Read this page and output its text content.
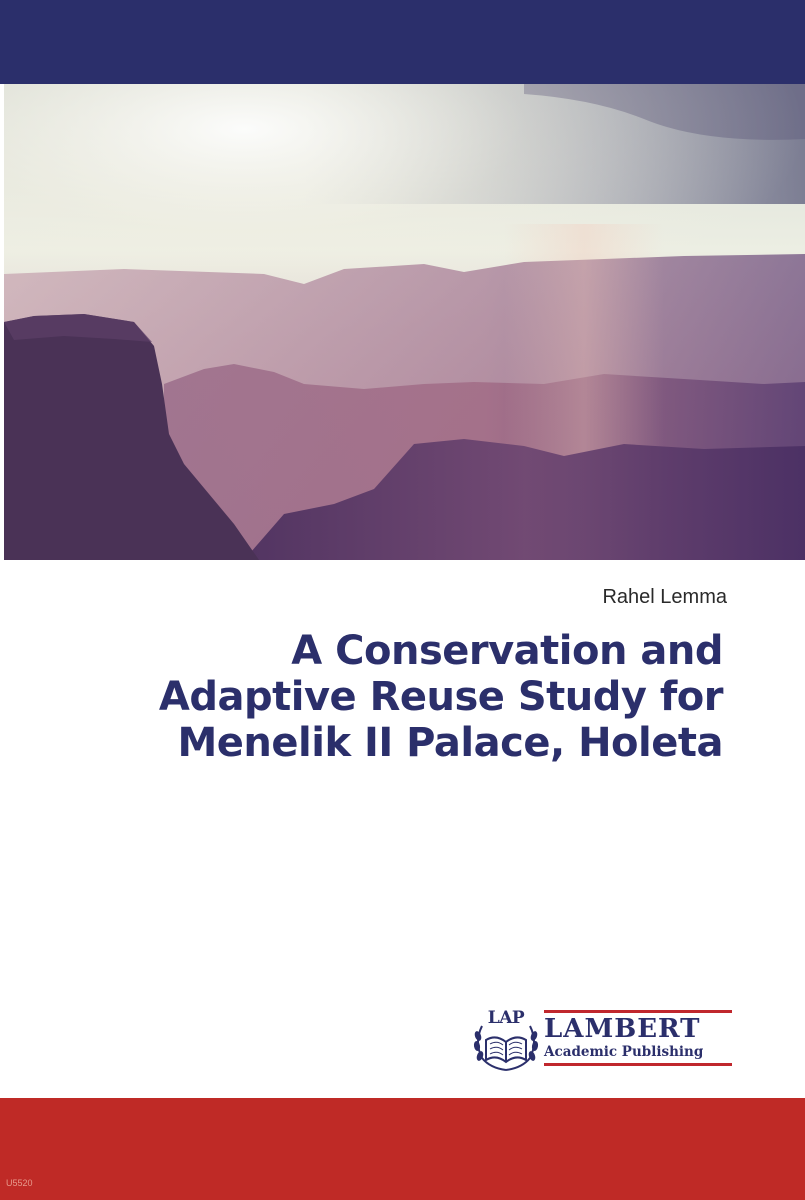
Rahel Lemma
A Conservation and
Adaptive Reuse Study for
Menelik II Palace, Holeta
LAP LAMBERT
Academic Publishing
U5520
